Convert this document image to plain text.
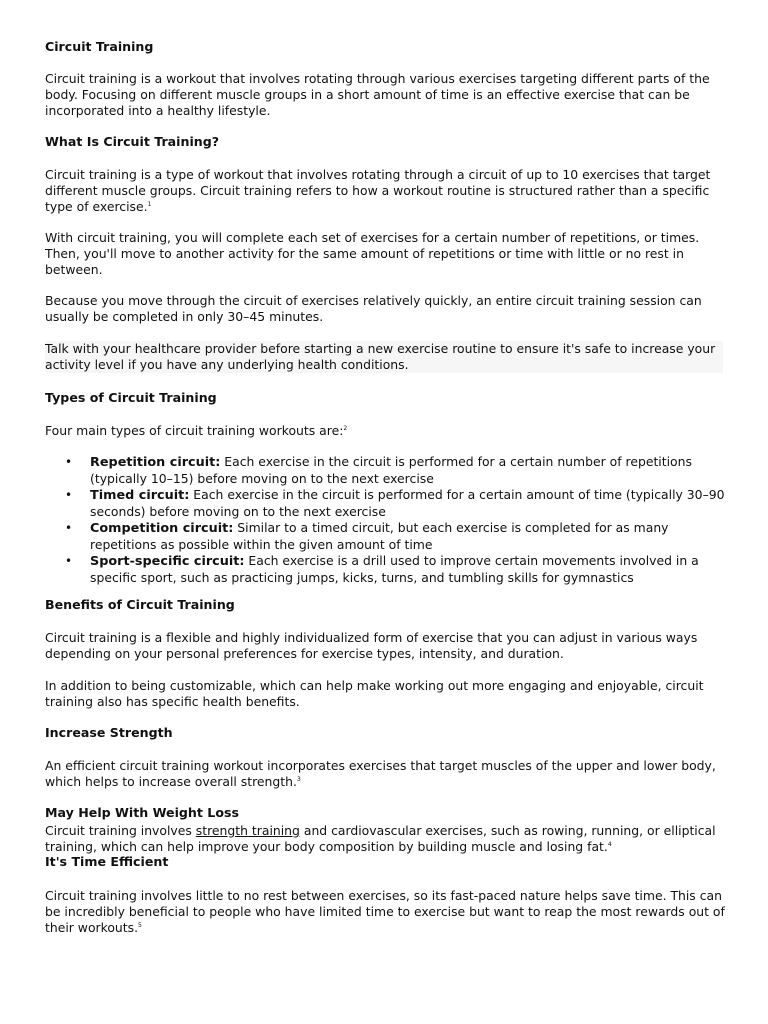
Circuit Training

Circuit training is a workout that involves rotating through various exercises targeting different parts of the body. Focusing on different muscle groups in a short amount of time is an effective exercise that can be incorporated into a healthy lifestyle.

What Is Circuit Training?

Circuit training is a type of workout that involves rotating through a circuit of up to 10 exercises that target different muscle groups. Circuit training refers to how a workout routine is structured rather than a specific type of exercise.$^1$

With circuit training, you will complete each set of exercises for a certain number of repetitions, or times. Then, you'll move to another activity for the same amount of repetitions or time with little or no rest in between.

Because you move through the circuit of exercises relatively quickly, an entire circuit training session can usually be completed in only 30–45 minutes.

Talk with your healthcare provider before starting a new exercise routine to ensure it's safe to increase your activity level if you have any underlying health conditions.

Types of Circuit Training

Four main types of circuit training workouts are:$^2$

• Repetition circuit: Each exercise in the circuit is performed for a certain number of repetitions (typically 10–15) before moving on to the next exercise
• Timed circuit: Each exercise in the circuit is performed for a certain amount of time (typically 30–90 seconds) before moving on to the next exercise
• Competition circuit: Similar to a timed circuit, but each exercise is completed for as many repetitions as possible within the given amount of time
• Sport-specific circuit: Each exercise is a drill used to improve certain movements involved in a specific sport, such as practicing jumps, kicks, turns, and tumbling skills for gymnastics
Benefits of Circuit Training

Circuit training is a flexible and highly individualized form of exercise that you can adjust in various ways depending on your personal preferences for exercise types, intensity, and duration.

In addition to being customizable, which can help make working out more engaging and enjoyable, circuit training also has specific health benefits.

Increase Strength

An efficient circuit training workout incorporates exercises that target muscles of the upper and lower body, which helps to increase overall strength.$^3$

May Help With Weight Loss

Circuit training involves strength training and cardiovascular exercises, such as rowing, running, or elliptical training, which can help improve your body composition by building muscle and losing fat.$^4$

It's Time Efficient

Circuit training involves little to no rest between exercises, so its fast-paced nature helps save time. This can be incredibly beneficial to people who have limited time to exercise but want to reap the most rewards out of their workouts.$^5$
